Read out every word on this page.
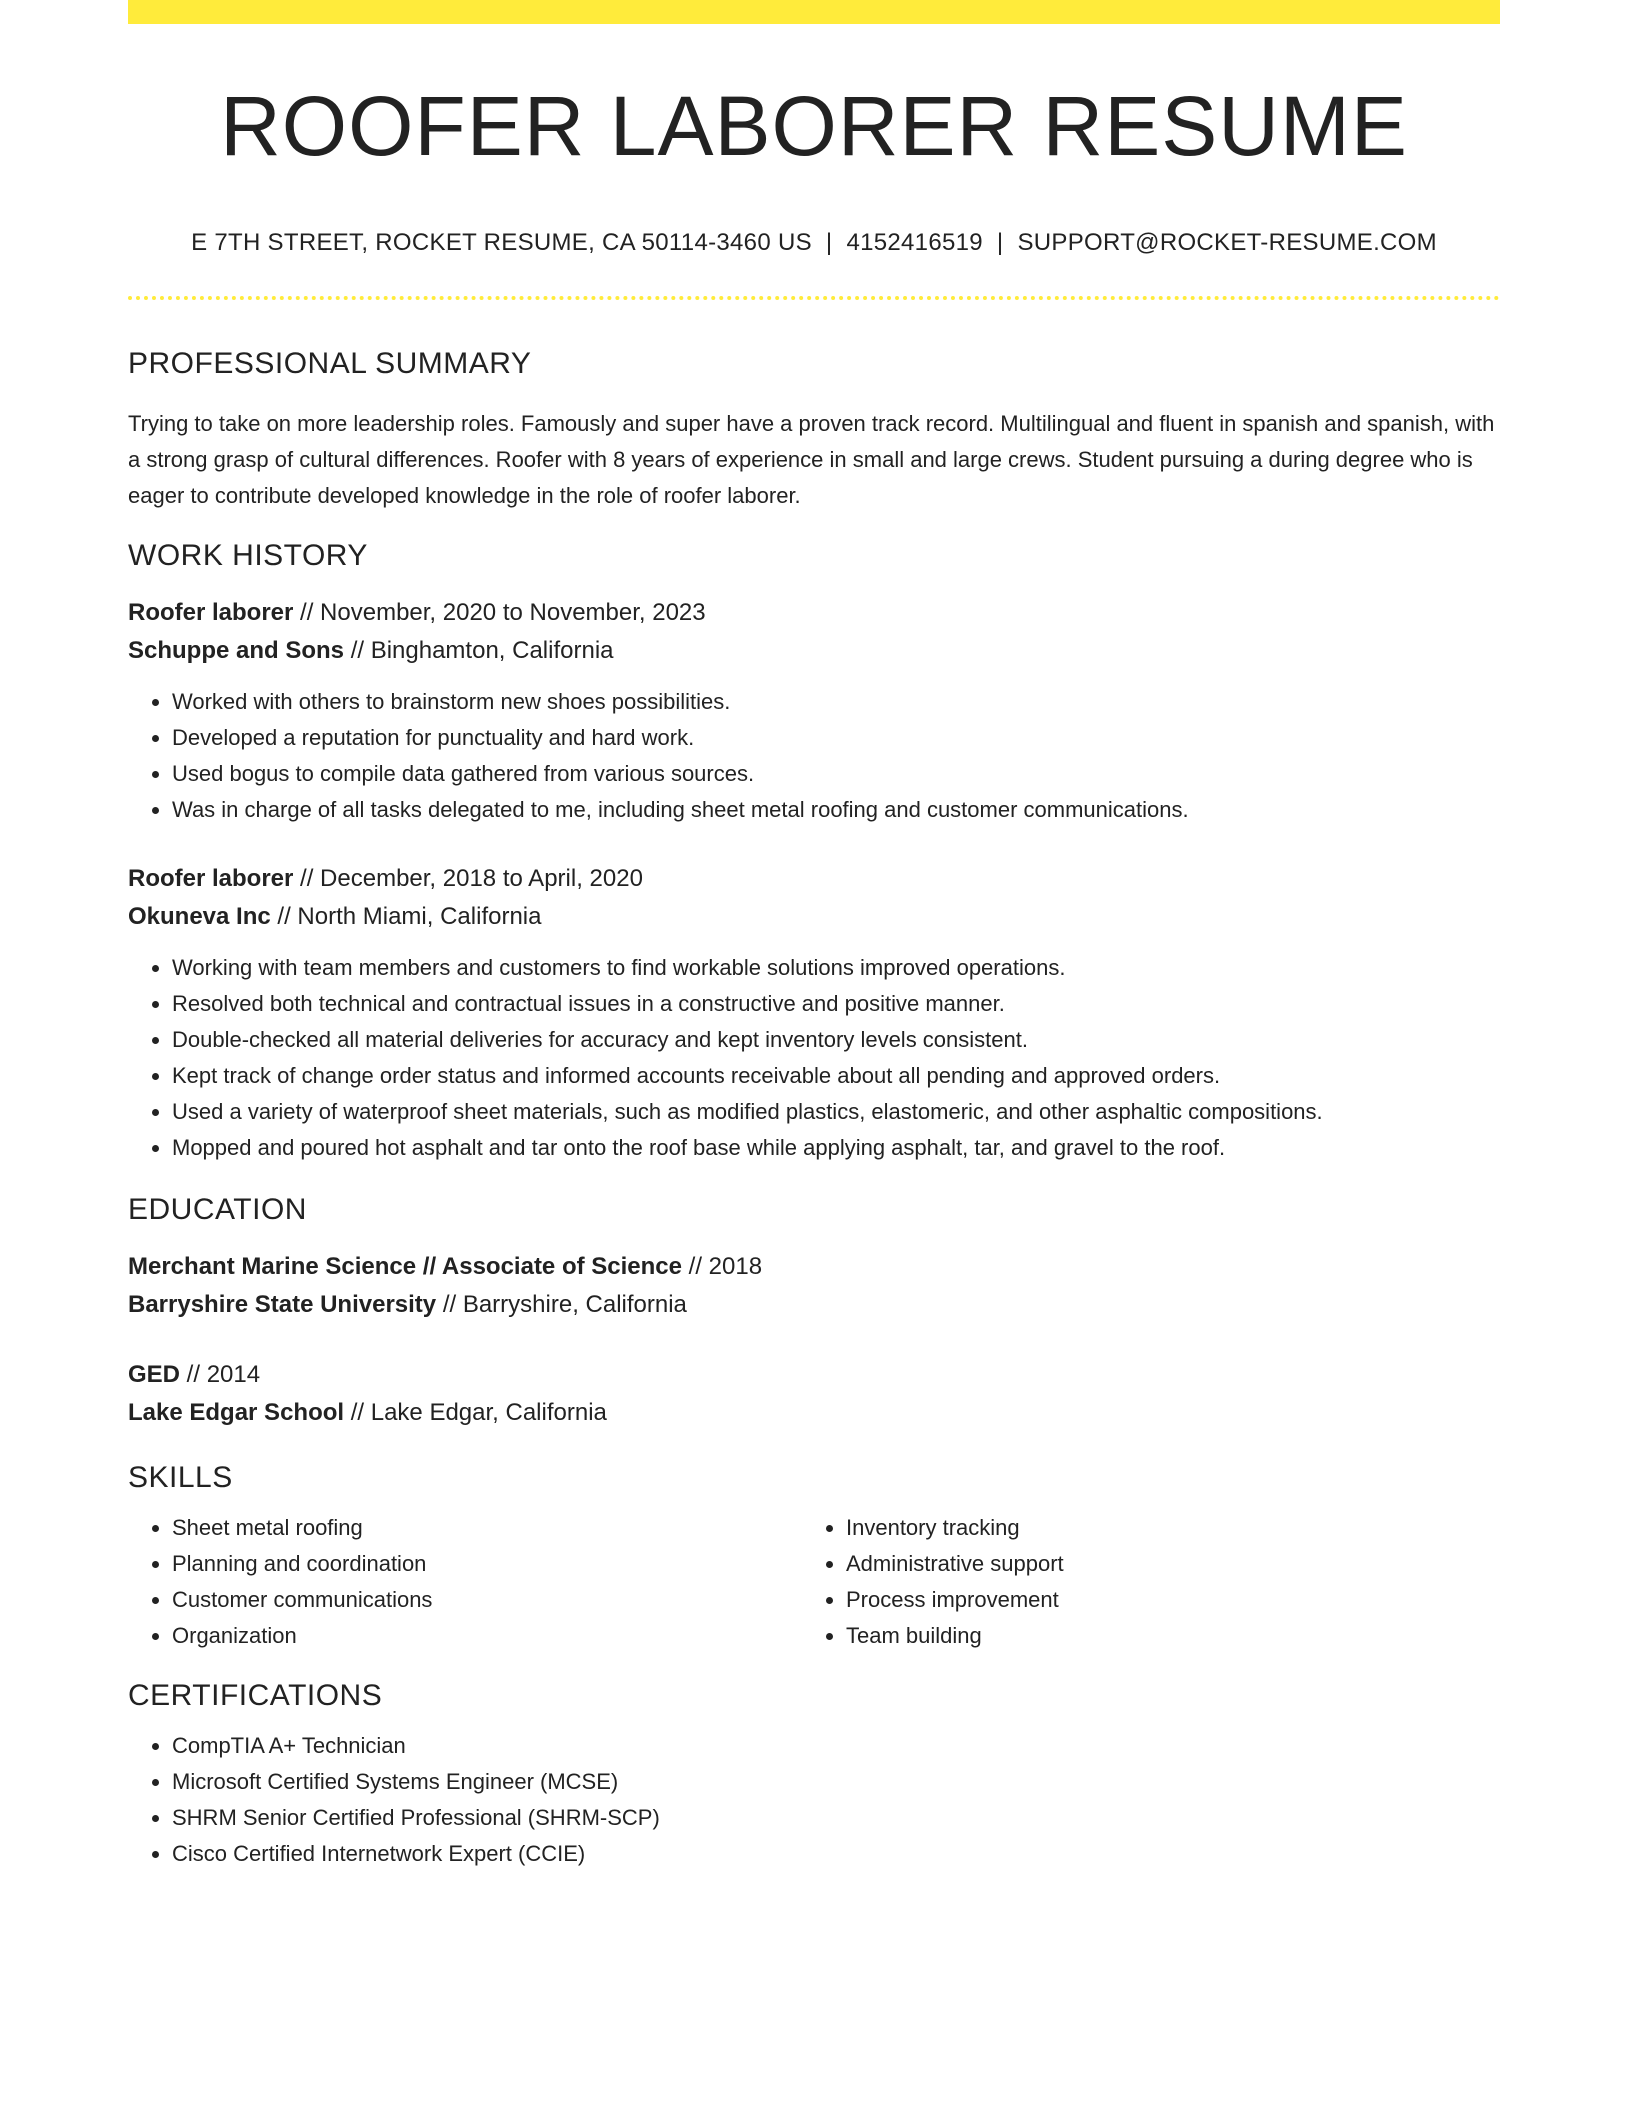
ROOFER LABORER RESUME
E 7TH STREET, ROCKET RESUME, CA 50114-3460 US | 4152416519 | SUPPORT@ROCKET-RESUME.COM
PROFESSIONAL SUMMARY
Trying to take on more leadership roles. Famously and super have a proven track record. Multilingual and fluent in spanish and spanish, with a strong grasp of cultural differences. Roofer with 8 years of experience in small and large crews. Student pursuing a during degree who is eager to contribute developed knowledge in the role of roofer laborer.
WORK HISTORY
Roofer laborer // November, 2020 to November, 2023
Schuppe and Sons // Binghamton, California
• Worked with others to brainstorm new shoes possibilities.
• Developed a reputation for punctuality and hard work.
• Used bogus to compile data gathered from various sources.
• Was in charge of all tasks delegated to me, including sheet metal roofing and customer communications.
Roofer laborer // December, 2018 to April, 2020
Okuneva Inc // North Miami, California
• Working with team members and customers to find workable solutions improved operations.
• Resolved both technical and contractual issues in a constructive and positive manner.
• Double-checked all material deliveries for accuracy and kept inventory levels consistent.
• Kept track of change order status and informed accounts receivable about all pending and approved orders.
• Used a variety of waterproof sheet materials, such as modified plastics, elastomeric, and other asphaltic compositions.
• Mopped and poured hot asphalt and tar onto the roof base while applying asphalt, tar, and gravel to the roof.
EDUCATION
Merchant Marine Science // Associate of Science // 2018
Barryshire State University // Barryshire, California
GED // 2014
Lake Edgar School // Lake Edgar, California
SKILLS
• Sheet metal roofing
• Planning and coordination
• Customer communications
• Organization
• Inventory tracking
• Administrative support
• Process improvement
• Team building
CERTIFICATIONS
• CompTIA A+ Technician
• Microsoft Certified Systems Engineer (MCSE)
• SHRM Senior Certified Professional (SHRM-SCP)
• Cisco Certified Internetwork Expert (CCIE)
